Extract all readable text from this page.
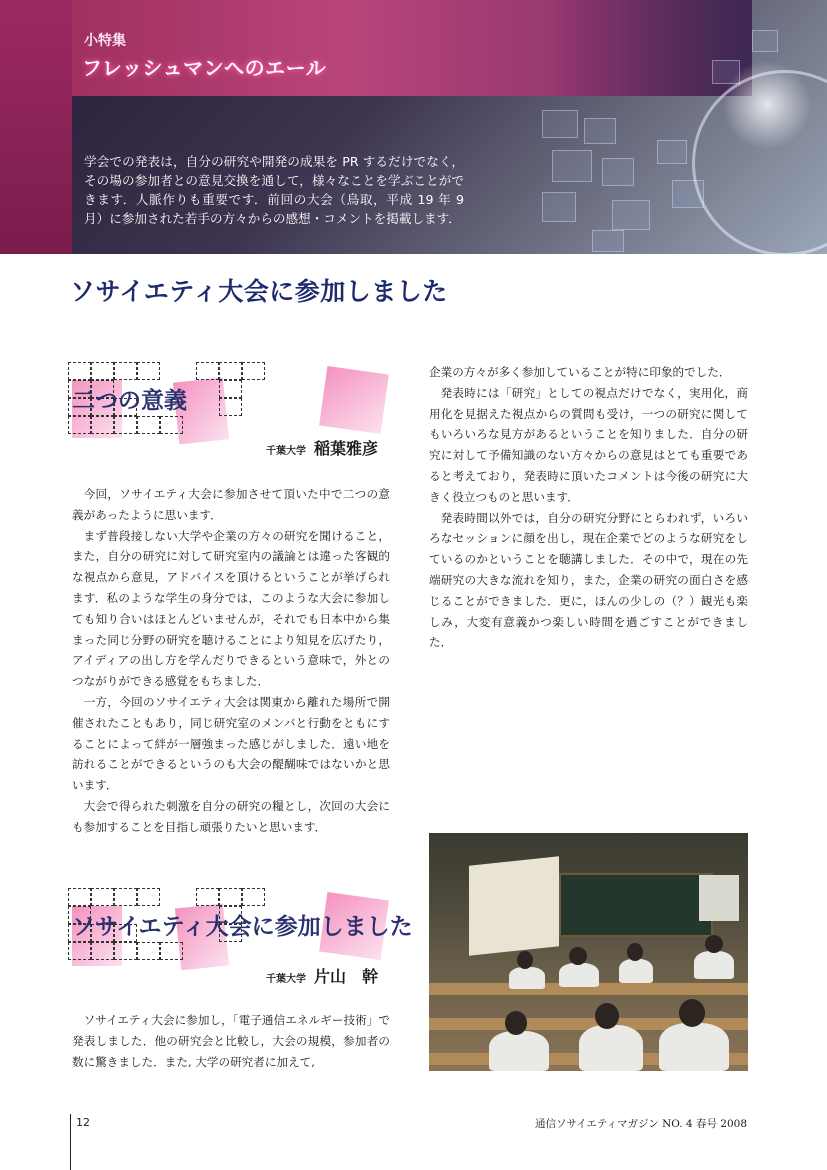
小特集
フレッシュマンへのエール

学会での発表は，自分の研究や開発の成果を PR するだけでなく，その場の参加者との意見交換を通して，様々なことを学ぶことができます．人脈作りも重要です．前回の大会（鳥取，平成 19 年 9 月）に参加された若手の方々からの感想・コメントを掲載します．

ソサイエティ大会に参加しました
二つの意義
千葉大学 稲葉雅彦

今回，ソサイエティ大会に参加させて頂いた中で二つの意義があったように思います．

まず普段接しない大学や企業の方々の研究を聞けること，また，自分の研究に対して研究室内の議論とは違った客観的な視点から意見，アドバイスを頂けるということが挙げられます．私のような学生の身分では，このような大会に参加しても知り合いはほとんどいませんが，それでも日本中から集まった同じ分野の研究を聴けることにより知見を広げたり，アイディアの出し方を学んだりできるという意味で，外とのつながりができる感覚をもちました．

一方，今回のソサイエティ大会は関東から離れた場所で開催されたこともあり，同じ研究室のメンバと行動をともにすることによって絆が一層強まった感じがしました．遠い地を訪れることができるというのも大会の醍醐味ではないかと思います．

大会で得られた刺激を自分の研究の糧とし，次回の大会にも参加することを目指し頑張りたいと思います．

ソサイエティ大会に参加しました
千葉大学 片山　幹

ソサイエティ大会に参加し，「電子通信エネルギー技術」で発表しました．他の研究会と比較し，大会の規模，参加者の数に驚きました．また, 大学の研究者に加えて,

企業の方々が多く参加していることが特に印象的でした．

発表時には「研究」としての視点だけでなく，実用化，商用化を見据えた視点からの質問も受け，一つの研究に関してもいろいろな見方があるということを知りました．自分の研究に対して予備知識のない方々からの意見はとても重要であると考えており，発表時に頂いたコメントは今後の研究に大きく役立つものと思います．

発表時間以外では，自分の研究分野にとらわれず，いろいろなセッションに顔を出し，現在企業でどのような研究をしているのかということを聴講しました．その中で，現在の先端研究の大きな流れを知り，また，企業の研究の面白さを感じることができました．更に，ほんの少しの（？）観光も楽しみ，大変有意義かつ楽しい時間を過ごすことができました．

12	通信ソサイエティマガジン NO. 4 春号 2008
